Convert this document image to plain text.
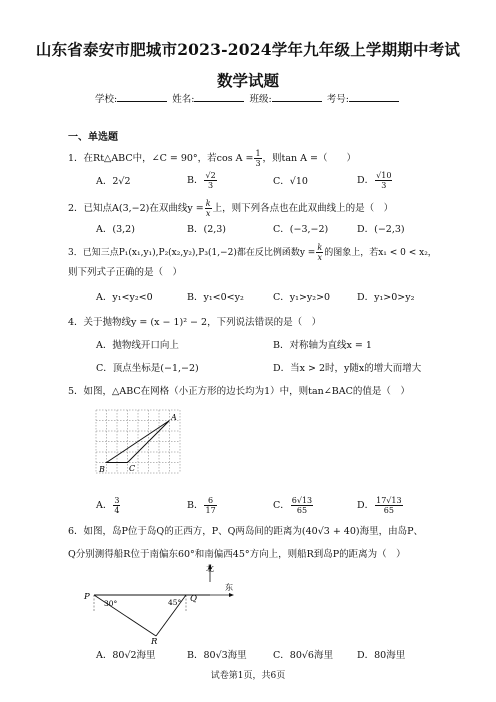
山东省泰安市肥城市2023-2024学年九年级上学期期中考试
数学试题
学校:	姓名:	班级:	考号:
一、单选题
1．在Rt△ABC中，∠C = 90°，若$\cos A = \frac{1}{3}$ ，则tan A =（　　）
A．2√2	B． $\frac{√2}{3}$	C．√10	D． $\frac{√10}{3}$
2．已知点A(3,−2)在双曲线$y = \frac{k}{x}$ 上，则下列各点也在此双曲线上的是（　）
A．(3,2)	B．(2,3)	C．(−3,−2)	D．(−2,3)
3．已知三点P₁(x₁,y₁),P₂(x₂,y₂),P₃(1,−2)都在反比例函数$y = \frac{k}{x}$ 的图象上，若x₁ < 0 < x₂，
则下列式子正确的是（　）
A．y₁<y₂<0	B．y₁<0<y₂	C．y₁>y₂>0	D．y₁>0>y₂
4．关于抛物线y = (x − 1)² − 2，下列说法错误的是（　）
A．抛物线开口向上	B．对称轴为直线x = 1
C．顶点坐标是(−1,−2)	D．当x > 2时，y随x的增大而增大
5．如图，△ABC在网格（小正方形的边长均为1）中，则tan∠BAC的值是（　）
A
B	C
A． $\frac{3}{4}$	B． $\frac{6}{17}$	C． $\frac{6√13}{65}$	D． $\frac{17√13}{65}$
6．如图，岛P位于岛Q的正西方，P、Q两岛间的距离为(40√3 + 40)海里，由岛P、
Q分别测得船R位于南偏东60°和南偏西45°方向上，则船R到岛P的距离为（　）
北
东
P	Q
R
30°	45°
A．80√2海里	B．80√3海里	C．80√6海里	D．80海里
试卷第1页，共6页
